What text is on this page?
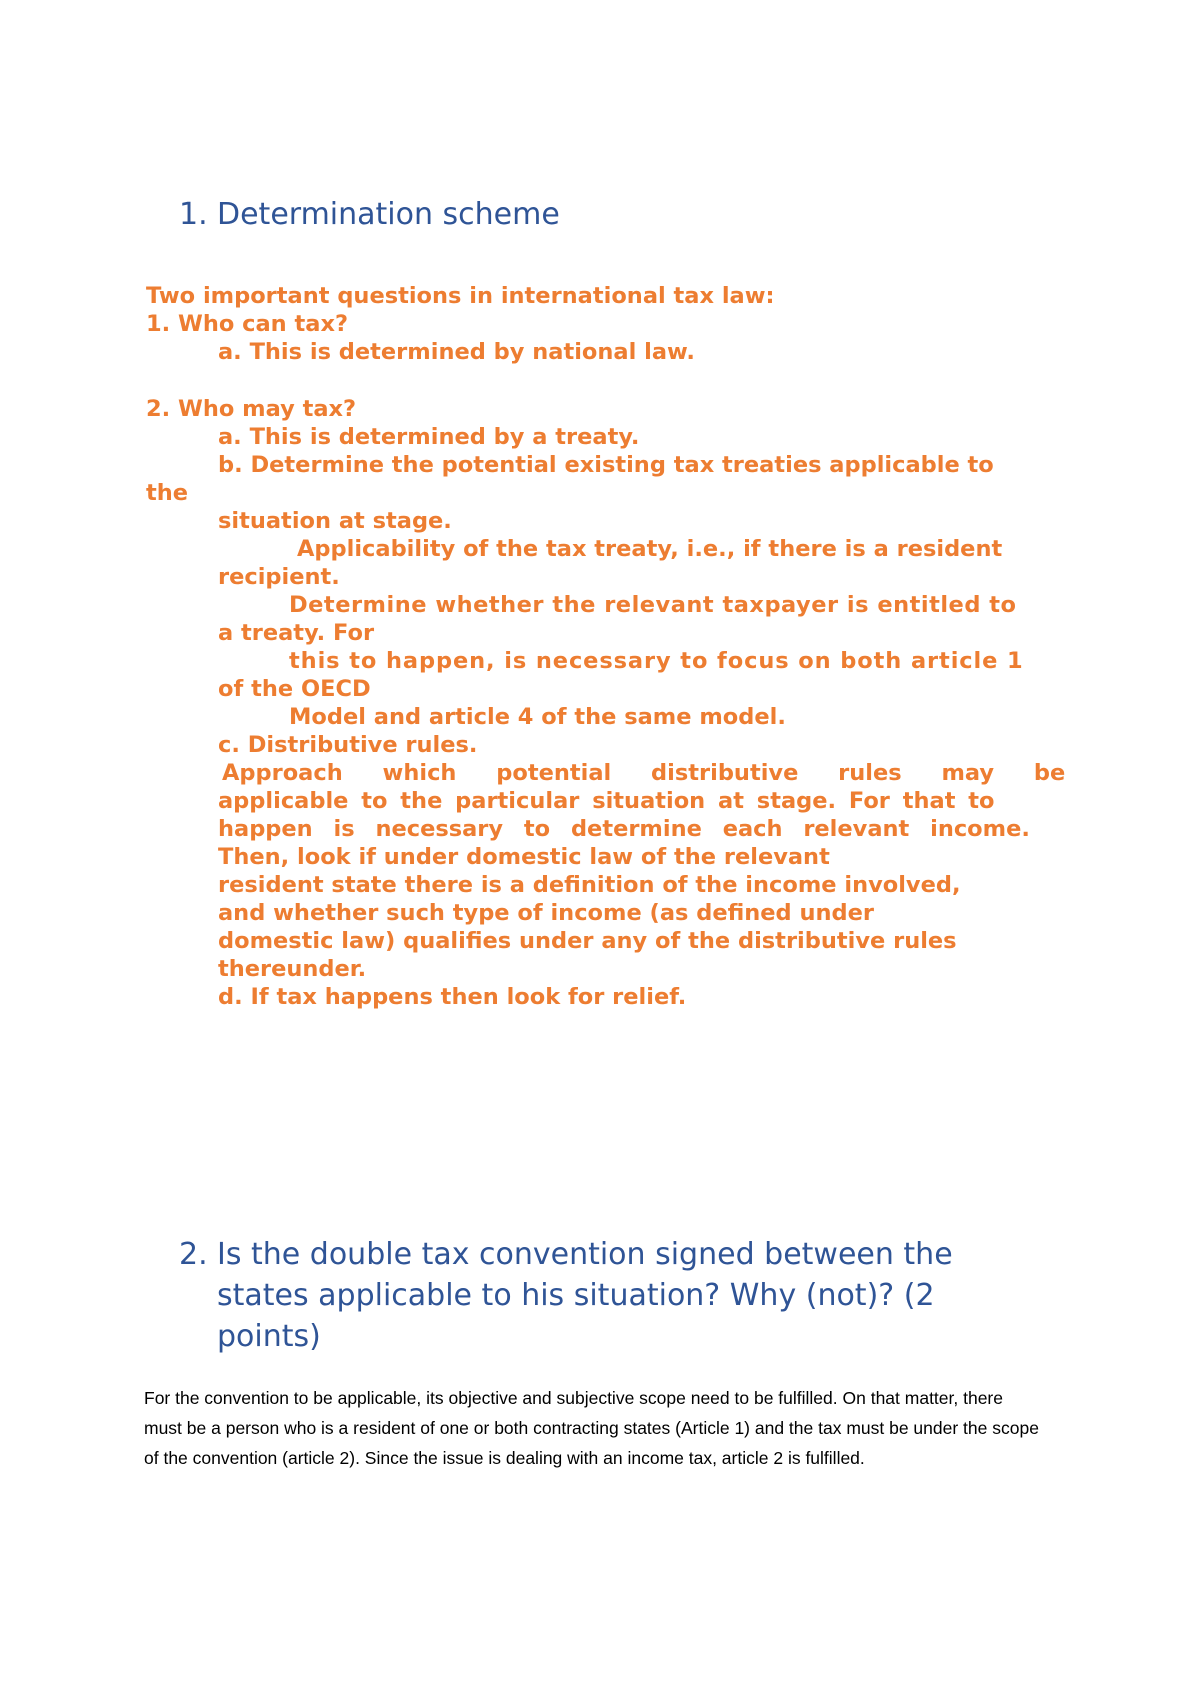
1. Determination scheme
Two important questions in international tax law:
1. Who can tax?
a. This is determined by national law.
2. Who may tax?
a. This is determined by a treaty.
b. Determine the potential existing tax treaties applicable to
the
situation at stage.
Applicability of the tax treaty, i.e., if there is a resident
recipient.
Determine whether the relevant taxpayer is entitled to
a treaty. For
this to happen, is necessary to focus on both article 1
of the OECD
Model and article 4 of the same model.
c. Distributive rules.
Approach which potential distributive rules may be
applicable to the particular situation at stage. For that to
happen is necessary to determine each relevant income.
Then, look if under domestic law of the relevant
resident state there is a definition of the income involved,
and whether such type of income (as defined under
domestic law) qualifies under any of the distributive rules
thereunder.
d. If tax happens then look for relief.
2. Is the double tax convention signed between the states applicable to his situation? Why (not)? (2 points)
For the convention to be applicable, its objective and subjective scope need to be fulfilled. On that matter, there must be a person who is a resident of one or both contracting states (Article 1) and the tax must be under the scope of the convention (article 2). Since the issue is dealing with an income tax, article 2 is fulfilled.
